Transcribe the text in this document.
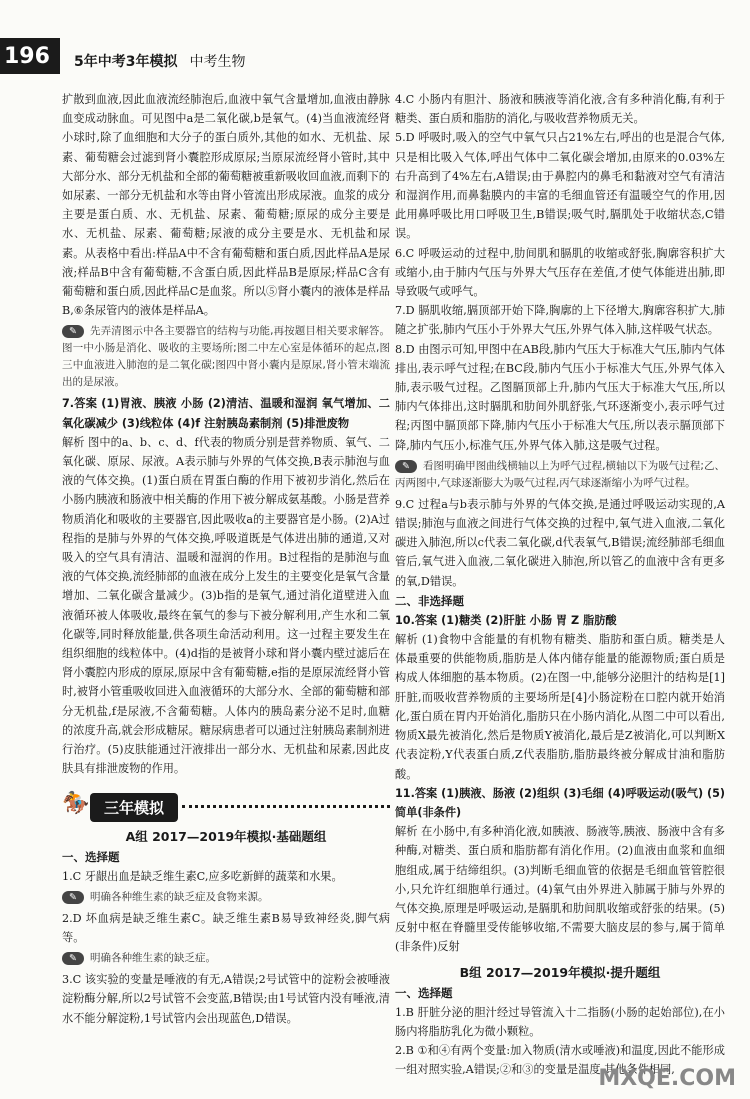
196 5年中考3年模拟 中考生物

扩散到血液,因此血液流经肺泡后,血液中氧气含量增加,血液由静脉血变成动脉血。可见图中a是二氧化碳,b是氧气。(4)当血液流经肾小球时,除了血细胞和大分子的蛋白质外,其他的如水、无机盐、尿素、葡萄糖会过滤到肾小囊腔形成原尿;当原尿流经肾小管时,其中大部分水、部分无机盐和全部的葡萄糖被重新吸收回血液,而剩下的如尿素、一部分无机盐和水等由肾小管流出形成尿液。血浆的成分主要是蛋白质、水、无机盐、尿素、葡萄糖;原尿的成分主要是水、无机盐、尿素、葡萄糖;尿液的成分主要是水、无机盐和尿素。从表格中看出:样品A中不含有葡萄糖和蛋白质,因此样品A是尿液;样品B中含有葡萄糖,不含蛋白质,因此样品B是原尿;样品C含有葡萄糖和蛋白质,因此样品C是血浆。所以⑤肾小囊内的液体是样品B,⑥条尿管内的液体是样品A。

✎ 先弄清图示中各主要器官的结构与功能,再按题目相关要求解答。图一中小肠是消化、吸收的主要场所;图二中左心室是体循环的起点,图三中血液进入肺泡的是二氧化碳;图四中肾小囊内是原尿,肾小管末端流出的是尿液。

7.答案 (1)胃液、胰液 小肠 (2)清洁、温暖和湿润 氧气增加、二氧化碳减少 (3)线粒体 (4)f 注射胰岛素制剂 (5)排泄废物

解析 图中的a、b、c、d、f代表的物质分别是营养物质、氧气、二氧化碳、原尿、尿液。A表示肺与外界的气体交换,B表示肺泡与血液的气体交换。(1)蛋白质在胃蛋白酶的作用下被初步消化,然后在小肠内胰液和肠液中相关酶的作用下被分解成氨基酸。小肠是营养物质消化和吸收的主要器官,因此吸收a的主要器官是小肠。(2)A过程指的是肺与外界的气体交换,呼吸道既是气体进出肺的通道,又对吸入的空气具有清洁、温暖和湿润的作用。B过程指的是肺泡与血液的气体交换,流经肺部的血液在成分上发生的主要变化是氧气含量增加、二氧化碳含量减少。(3)b指的是氧气,通过消化道壁进入血液循环被人体吸收,最终在氧气的参与下被分解利用,产生水和二氧化碳等,同时释放能量,供各项生命活动利用。这一过程主要发生在组织细胞的线粒体中。(4)d指的是被肾小球和肾小囊内壁过滤后在肾小囊腔内形成的原尿,原尿中含有葡萄糖,e指的是原尿流经肾小管时,被肾小管重吸收回进入血液循环的大部分水、全部的葡萄糖和部分无机盐,f是尿液,不含葡萄糖。人体内的胰岛素分泌不足时,血糖的浓度升高,就会形成糖尿。糖尿病患者可以通过注射胰岛素制剂进行治疗。(5)皮肤能通过汗液排出一部分水、无机盐和尿素,因此皮肤具有排泄废物的作用。

🏇 三年模拟
A组 2017—2019年模拟·基础题组
一、选择题

1.C 牙龈出血是缺乏维生素C,应多吃新鲜的蔬菜和水果。

✎ 明确各种维生素的缺乏症及食物来源。

2.D 坏血病是缺乏维生素C。缺乏维生素B易导致神经炎,脚气病等。

✎ 明确各种维生素的缺乏症。

3.C 该实验的变量是唾液的有无,A错误;2号试管中的淀粉会被唾液淀粉酶分解,所以2号试管不会变蓝,B错误;由1号试管内没有唾液,清水不能分解淀粉,1号试管内会出现蓝色,D错误。

4.C 小肠内有胆汁、肠液和胰液等消化液,含有多种消化酶,有利于糖类、蛋白质和脂肪的消化,与吸收营养物质无关。

5.D 呼吸时,吸入的空气中氧气只占21%左右,呼出的也是混合气体,只是相比吸入气体,呼出气体中二氧化碳会增加,由原来的0.03%左右升高到了4%左右,A错误;由于鼻腔内的鼻毛和黏液对空气有清洁和湿润作用,而鼻黏膜内的丰富的毛细血管还有温暖空气的作用,因此用鼻呼吸比用口呼吸卫生,B错误;吸气时,膈肌处于收缩状态,C错误。

6.C 呼吸运动的过程中,肋间肌和膈肌的收缩或舒张,胸廓容积扩大或缩小,由于肺内气压与外界大气压存在差值,才使气体能进出肺,即导致吸气或呼气。

7.D 膈肌收缩,膈顶部开始下降,胸廓的上下径增大,胸廓容积扩大,肺随之扩张,肺内气压小于外界大气压,外界气体入肺,这样吸气状态。

8.D 由图示可知,甲图中在AB段,肺内气压大于标准大气压,肺内气体排出,表示呼气过程;在BC段,肺内气压小于标准大气压,外界气体入肺,表示吸气过程。乙图膈顶部上升,肺内气压大于标准大气压,所以肺内气体排出,这时膈肌和肋间外肌舒张,气环逐渐变小,表示呼气过程;丙图中膈顶部下降,肺内气压小于标准大气压,所以表示膈顶部下降,肺内气压小,标准气压,外界气体入肺,这是吸气过程。

✎ 看图明确甲图曲线横轴以上为呼气过程,横轴以下为吸气过程;乙、丙两图中,气球逐渐膨大为吸气过程,丙气球逐渐缩小为呼气过程。

9.C 过程a与b表示肺与外界的气体交换,是通过呼吸运动实现的,A错误;肺泡与血液之间进行气体交换的过程中,氧气进入血液,二氧化碳进入肺泡,所以c代表二氧化碳,d代表氧气,B错误;流经肺部毛细血管后,氧气进入血液,二氧化碳进入肺泡,所以管乙的血液中含有更多的氧,D错误。

二、非选择题

10.答案 (1)糖类 (2)肝脏 小肠 胃 Z 脂肪酸

解析 (1)食物中含能量的有机物有糖类、脂肪和蛋白质。糖类是人体最重要的供能物质,脂肪是人体内储存能量的能源物质;蛋白质是构成人体细胞的基本物质。(2)在图一中,能够分泌胆汁的结构是[1]肝脏,而吸收营养物质的主要场所是[4]小肠淀粉在口腔内就开始消化,蛋白质在胃内开始消化,脂肪只在小肠内消化,从图二中可以看出,物质X最先被消化,然后是物质Y被消化,最后是Z被消化,可以判断X代表淀粉,Y代表蛋白质,Z代表脂肪,脂肪最终被分解成甘油和脂肪酸。

11.答案 (1)胰液、肠液 (2)组织 (3)毛细 (4)呼吸运动(吸气) (5)简单(非条件)

解析 在小肠中,有多种消化液,如胰液、肠液等,胰液、肠液中含有多种酶,对糖类、蛋白质和脂肪都有消化作用。(2)血液由血浆和血细胞组成,属于结缔组织。(3)判断毛细血管的依据是毛细血管管腔很小,只允许红细胞单行通过。(4)氧气由外界进入肺属于肺与外界的气体交换,原理是呼吸运动,是膈肌和肋间肌收缩或舒张的结果。(5)反射中枢在脊髓里受传能够收缩,不需要大脑皮层的参与,属于简单(非条件)反射

B组 2017—2019年模拟·提升题组
一、选择题

1.B 肝脏分泌的胆汁经过导管流入十二指肠(小肠的起始部位),在小肠内将脂肪乳化为微小颗粒。

2.B ①和④有两个变量:加入物质(清水或唾液)和温度,因此不能形成一组对照实验,A错误;②和③的变量是温度,其他条件相同,

MXQE.COM
